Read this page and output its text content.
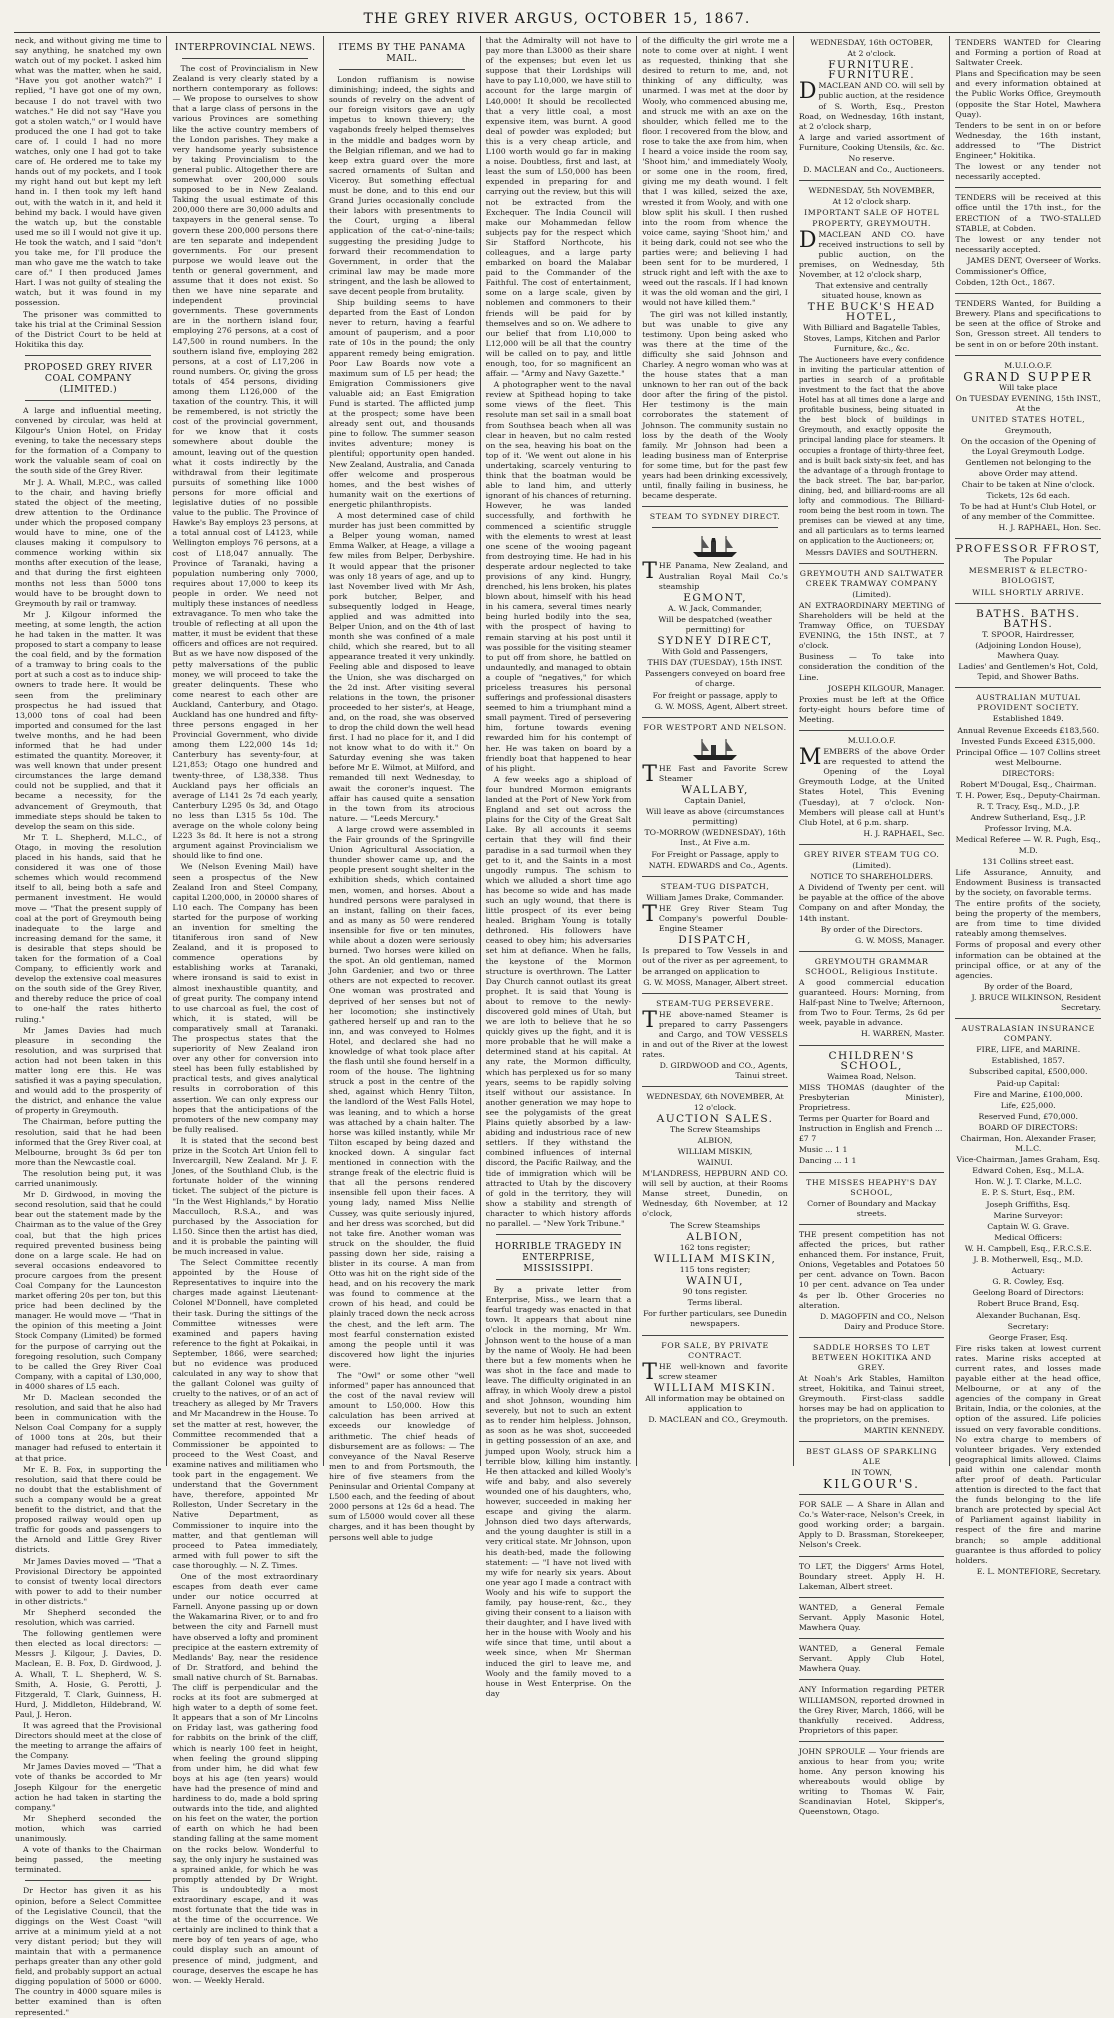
THE GREY RIVER ARGUS, OCTOBER 15, 1867.

neck, and without giving me time to say anything, he snatched my own watch out of my pocket. I asked him what was the matter, when he said, "Have you got another watch?" I replied, "I have got one of my own, because I do not travel with two watches." He did not say "Have you got a stolen watch," or I would have produced the one I had got to take care of. I could I had no more watches, only one I had got to take care of. He ordered me to take my hands out of my pockets, and I took my right hand out but kept my left hand in. I then took my left hand out, with the watch in it, and held it behind my back. I would have given the watch up, but the constable used me so ill I would not give it up. He took the watch, and I said "don't you take me, for I'll produce the man who gave me the watch to take care of." I then produced James Hart. I was not guilty of stealing the watch, but it was found in my possession.

The prisoner was committed to take his trial at the Criminal Session of the District Court to be held at Hokitika this day.

PROPOSED GREY RIVER COAL COMPANY (LIMITED.)

A large and influential meeting, convened by circular, was held at Kilgour's Union Hotel, on Friday evening, to take the necessary steps for the formation of a Company to work the valuable seam of coal on the south side of the Grey River.

Mr J. A. Whall, M.P.C., was called to the chair, and having briefly stated the object of the meeting, drew attention to the Ordinance under which the proposed company would have to mine, one of the clauses making it compulsory to commence working within six months after execution of the lease, and that during the first eighteen months not less than 5000 tons would have to be brought down to Greymouth by rail or tramway.

Mr J. Kilgour informed the meeting, at some length, the action he had taken in the matter. It was proposed to start a company to lease the coal field, and by the formation of a tramway to bring coals to the port at such a cost as to induce ship-owners to trade here. It would be seen from the preliminary prospectus he had issued that 13,000 tons of coal had been imported and consumed for the last twelve months, and he had been informed that he had under estimated the quantity. Moreover, it was well known that under present circumstances the large demand could not be supplied, and that it became a necessity, for the advancement of Greymouth, that immediate steps should be taken to develop the seam on this side.

Mr T. L. Shepherd, M.L.C., of Otago, in moving the resolution placed in his hands, said that he considered it was one of those schemes which would recommend itself to all, being both a safe and permanent investment. He would move — "That the present supply of coal at the port of Greymouth being inadequate to the large and increasing demand for the same, it is desirable that steps should be taken for the formation of a Coal Company, to efficiently work and develop the extensive coal measures on the south side of the Grey River, and thereby reduce the price of coal to one-half the rates hitherto ruling."

Mr James Davies had much pleasure in seconding the resolution, and was surprised that action had not been taken in this matter long ere this. He was satisfied it was a paying speculation, and would add to the prosperity of the district, and enhance the value of property in Greymouth.

The Chairman, before putting the resolution, said that he had been informed that the Grey River coal, at Melbourne, brought 3s 6d per ton more than the Newcastle coal.

The resolution being put, it was carried unanimously.

Mr D. Girdwood, in moving the second resolution, said that he could bear out the statement made by the Chairman as to the value of the Grey coal, but that the high prices required prevented business being done on a large scale. He had on several occasions endeavored to procure cargoes from the present Coal Company for the Launceston market offering 20s per ton, but this price had been declined by the manager. He would move — "That in the opinion of this meeting a Joint Stock Company (Limited) be formed for the purpose of carrying out the foregoing resolution, such Company to be called the Grey River Coal Company, with a capital of L30,000, in 4000 shares of L5 each.

Mr D. Maclean seconded the resolution, and said that he also had been in communication with the Nelson Coal Company for a supply of 1000 tons at 20s, but their manager had refused to entertain it at that price.

Mr E. B. Fox, in supporting the resolution, said that there could be no doubt that the establishment of such a company would be a great benefit to the district, and that the proposed railway would open up traffic for goods and passengers to the Arnold and Little Grey River districts.

Mr James Davies moved — "That a Provisional Directory be appointed to consist of twenty local directors with power to add to their number in other districts."

Mr Shepherd seconded the resolution, which was carried.

The following gentlemen were then elected as local directors: — Messrs J. Kilgour, J. Davies, D. Maclean, E. B. Fox, D. Girdwood, J. A. Whall, T. L. Shepherd, W. S. Smith, A. Hosie, G. Perotti, J. Fitzgerald, T. Clark, Guinness, H. Hurd, J. Middleton, Hildebrand, W. Paul, J. Heron.

It was agreed that the Provisional Directors should meet at the close of the meeting to arrange the affairs of the Company.

Mr James Davies moved — "That a vote of thanks be accorded to Mr Joseph Kilgour for the energetic action he had taken in starting the company."

Mr Shepherd seconded the motion, which was carried unanimously.

A vote of thanks to the Chairman being passed, the meeting terminated.

Dr Hector has given it as his opinion, before a Select Committee of the Legislative Council, that the diggings on the West Coast "will arrive at a minimum yield at a not very distant period; but they will maintain that with a permanence perhaps greater than any other gold field, and probably support an actual digging population of 5000 or 6000. The country in 4000 square miles is better examined than is often represented."

INTERPROVINCIAL NEWS.

The cost of Provincialism in New Zealand is very clearly stated by a northern contemporary as follows: — We propose to ourselves to show that a large class of persons in the various Provinces are something like the active country members of the London parishes. They make a very handsome yearly subsistence by taking Provincialism to the general public. Altogether there are somewhat over 200,000 souls supposed to be in New Zealand. Taking the usual estimate of this 200,000 there are 30,000 adults and taxpayers in the general sense. To govern these 200,000 persons there are ten separate and independent governments. For our present purpose we would leave out the tenth or general government, and assume that it does not exist. So then we have nine separate and independent provincial governments. These governments are in the northern island four, employing 276 persons, at a cost of L47,500 in round numbers. In the southern island five, employing 282 persons, at a cost of L17,206 in round numbers. Or, giving the gross totals of 454 persons, dividing among them L126,000 of the taxation of the country. This, it will be remembered, is not strictly the cost of the provincial government, for we know that it costs somewhere about double the amount, leaving out of the question what it costs indirectly by the withdrawal from their legitimate pursuits of something like 1000 persons for more official and legislative duties of no possible value to the public. The Province of Hawke's Bay employs 23 persons, at a total annual cost of L4123, while Wellington employs 76 persons, at a cost of L18,047 annually. The Province of Taranaki, having a population numbering only 7000, requires about 17,000 to keep its people in order. We need not multiply these instances of needless extravagance. To men who take the trouble of reflecting at all upon the matter, it must be evident that these officers and offices are not required. But as we have now disposed of the petty malversations of the public money, we will proceed to take the greater delinquents. These who come nearest to each other are Auckland, Canterbury, and Otago. Auckland has one hundred and fifty-three persons engaged in her Provincial Government, who divide among them L22,000 14s 1d; Canterbury has seventy-four, at L21,853; Otago one hundred and twenty-three, of L38,338. Thus Auckland pays her officials an average of L141 2s 7d each yearly, Canterbury L295 0s 3d, and Otago no less than L315 5s 10d. The average on the whole colony being L223 3s 8d. It here is not a strong argument against Provincialism we should like to find one.

We (Nelson Evening Mail) have seen a prospectus of the New Zealand Iron and Steel Company, capital L200,000, in 20000 shares of L10 each. The Company has been started for the purpose of working an invention for smelting the titaniferous iron sand of New Zealand, and it is proposed to commence operations by establishing works at Taranaki, where ironsand is said to exist in almost inexhaustible quantity, and of great purity. The company intend to use charcoal as fuel, the cost of which, it is stated, will be comparatively small at Taranaki. The prospectus states that the superiority of New Zealand iron over any other for conversion into steel has been fully established by practical tests, and gives analytical results in corroboration of this assertion. We can only express our hopes that the anticipations of the promoters of the new company may be fully realised.

It is stated that the second best prize in the Scotch Art Union fell to Invercargill, New Zealand. Mr J. F. Jones, of the Southland Club, is the fortunate holder of the winning ticket. The subject of the picture is "In the West Highlands," by Horatio Macculloch, R.S.A., and was purchased by the Association for L150. Since then the artist has died, and it is probable the painting will be much increased in value.

The Select Committee recently appointed by the House of Representatives to inquire into the charges made against Lieutenant-Colonel M'Donnell, have completed their task. During the sittings of the Committee witnesses were examined and papers having reference to the fight at Pokaikai, in September, 1866, were searched; but no evidence was produced calculated in any way to show that the gallant Colonel was guilty of cruelty to the natives, or of an act of treachery as alleged by Mr Travers and Mr Macandrew in the House. To set the matter at rest, however, the Committee recommended that a Commissioner be appointed to proceed to the West Coast, and examine natives and militiamen who took part in the engagement. We understand that the Government have, therefore, appointed Mr Rolleston, Under Secretary in the Native Department, as Commissioner to inquire into the matter, and that gentleman will proceed to Patea immediately, armed with full power to sift the case thoroughly. — N. Z. Times.

One of the most extraordinary escapes from death ever came under our notice occurred at Farnell. Anyone passing up or down the Wakamarina River, or to and fro between the city and Farnell must have observed a lofty and prominent precipice at the eastern extremity of Medlands' Bay, near the residence of Dr. Stratford, and behind the small native church of St. Barnabas. The cliff is perpendicular and the rocks at its foot are submerged at high water to a depth of some feet. It appears that a son of Mr Lincolns on Friday last, was gathering food for rabbits on the brink of the cliff, which is nearly 100 feet in height, when feeling the ground slipping from under him, he did what few boys at his age (ten years) would have had the presence of mind and hardiness to do, made a bold spring outwards into the tide, and alighted on his feet on the water, the portion of earth on which he had been standing falling at the same moment on the rocks below. Wonderful to say, the only injury he sustained was a sprained ankle, for which he was promptly attended by Dr Wright. This is undoubtedly a most extraordinary escape, and it was most fortunate that the tide was in at the time of the occurrence. We certainly are inclined to think that a mere boy of ten years of age, who could display such an amount of presence of mind, judgment, and courage, deserves the escape he has won. — Weekly Herald.

ITEMS BY THE PANAMA MAIL.

London ruffianism is nowise diminishing; indeed, the sights and sounds of revelry on the advent of our foreign visitors gave an ugly impetus to known thievery; the vagabonds freely helped themselves in the middle and badges worn by the Belgian rifleman, and we had to keep extra guard over the more sacred ornaments of Sultan and Viceroy. But something effectual must be done, and to this end our Grand Juries occasionally conclude their labors with presentments to the Court, urging a liberal application of the cat-o'-nine-tails; suggesting the presiding Judge to forward their recommendation to Government, in order that the criminal law may be made more stringent, and the lash be allowed to save decent people from brutality.

Ship building seems to have departed from the East of London never to return, having a fearful amount of pauperism, and a poor rate of 10s in the pound; the only apparent remedy being emigration. Poor Law Boards now vote a maximum sum of L5 per head; the Emigration Commissioners give valuable aid; an East Emigration Fund is started. The afflicted jump at the prospect; some have been already sent out, and thousands pine to follow. The summer season invites adventure; money is plentiful; opportunity open handed. New Zealand, Australia, and Canada offer welcome and prosperous homes, and the best wishes of humanity wait on the exertions of energetic philanthropists.

A most determined case of child murder has just been committed by a Belper young woman, named Emma Walker, at Heage, a village a few miles from Belper, Derbyshire. It would appear that the prisoner was only 18 years of age, and up to last November lived with Mr Ash, pork butcher, Belper, and subsequently lodged in Heage, applied and was admitted into Belper Union, and on the 4th of last month she was confined of a male child, which she reared, but to all appearance treated it very unkindly. Feeling able and disposed to leave the Union, she was discharged on the 2d inst. After visiting several relations in the town, the prisoner proceeded to her sister's, at Heage, and, on the road, she was observed to drop the child down the well head first. I had no place for it, and I did not know what to do with it." On Saturday evening she was taken before Mr E. Wilmot, at Milford, and remanded till next Wednesday, to await the coroner's inquest. The affair has caused quite a sensation in the town from its atrocious nature. — "Leeds Mercury."

A large crowd were assembled in the Fair grounds of the Springville Union Agricultural Association, a thunder shower came up, and the people present sought shelter in the exhibition sheds, which contained men, women, and horses. About a hundred persons were paralysed in an instant, falling on their faces, and as many as 50 were rendered insensible for five or ten minutes, while about a dozen were seriously burned. Two horses were killed on the spot. An old gentleman, named John Gardenier, and two or three others are not expected to recover. One woman was prostrated and deprived of her senses but not of her locomotion; she instinctively gathered herself up and ran to the inn, and was conveyed to Holmes Hotel, and declared she had no knowledge of what took place after the flash until she found herself in a room of the house. The lightning struck a post in the centre of the shed, against which Henry Tilton, the landlord of the West Falls Hotel, was leaning, and to which a horse was attached by a chain halter. The horse was killed instantly, while Mr Tilton escaped by being dazed and knocked down. A singular fact mentioned in connection with the strange freak of the electric fluid is that all the persons rendered insensible fell upon their faces. A young lady, named Miss Nellie Cussey, was quite seriously injured, and her dress was scorched, but did not take fire. Another woman was struck on the shoulder, the fluid passing down her side, raising a blister in its course. A man from Otto was hit on the right side of the head, and on his recovery the mark was found to commence at the crown of his head, and could be plainly traced down the neck across the chest, and the left arm. The most fearful consternation existed among the people until it was discovered how light the injuries were.

The "Owl" or some other "well informed" paper has announced that the cost of the naval review will amount to L50,000. How this calculation has been arrived at exceeds our knowledge of arithmetic. The chief heads of disbursement are as follows: — The conveyance of the Naval Reserve men to and from Portsmouth, the hire of five steamers from the Peninsular and Oriental Company at L500 each, and the feeding of about 2000 persons at 12s 6d a head. The sum of L5000 would cover all these charges, and it has been thought by persons well able to judge

that the Admiralty will not have to pay more than L3000 as their share of the expenses; but even let us suppose that their Lordships will have to pay L10,000, we have still to account for the large margin of L40,000! It should be recollected that a very little coal, a most expensive item, was burnt. A good deal of powder was exploded; but this is a very cheap article, and L100 worth would go far in making a noise. Doubtless, first and last, at least the sum of L50,000 has been expended in preparing for and carrying out the review, but this will not be extracted from the Exchequer. The India Council will make our Mohammedan fellow subjects pay for the respect which Sir Stafford Northcote, his colleagues, and a large party embarked on board the Malabar paid to the Commander of the Faithful. The cost of entertainment, some on a large scale, given by noblemen and commoners to their friends will be paid for by themselves and so on. We adhere to our belief that from L10,000 to L12,000 will be all that the country will be called on to pay, and little enough, too, for so magnificent an affair. — "Army and Navy Gazette."

A photographer went to the naval review at Spithead hoping to take some views of the fleet. This resolute man set sail in a small boat from Southsea beach when all was clear in heaven, but no calm rested on the sea, heaving his boat on the top of it. 'We went out alone in his undertaking, scarcely venturing to think that the boatman would be able to land him, and utterly ignorant of his chances of returning. However, he was landed successfully, and forthwith he commenced a scientific struggle with the elements to wrest at least one scene of the wooing pageant from destroying time. He had in his desperate ardour neglected to take provisions of any kind. Hungry, drenched, his lens broken, his plates blown about, himself with his head in his camera, several times nearly being hurled bodily into the sea, with the prospect of having to remain starving at his post until it was possible for the visiting steamer to put off from shore, he battled on undauntedly, and managed to obtain a couple of "negatives," for which priceless treasures his personal sufferings and professional disasters seemed to him a triumphant mind a small payment. Tired of persevering him, fortune towards evening rewarded him for his contempt of her. He was taken on board by a friendly boat that happened to hear of his plight.

A few weeks ago a shipload of four hundred Mormon emigrants landed at the Port of New York from England and set out across the plains for the City of the Great Salt Lake. By all accounts it seems certain that they will find their paradise in a sad turmoil when they get to it, and the Saints in a most ungodly rumpus. The schism to which we alluded a short time ago has become so wide and has made such an ugly wound, that there is little prospect of its ever being healed. Brigham Young is totally dethroned. His followers have ceased to obey him; his adversaries set him at defiance. When he falls, the keystone of the Mormon structure is overthrown. The Latter Day Church cannot outlast its great prophet. It is said that Young is about to remove to the newly-discovered gold mines of Utah, but we are loth to believe that he so quickly gives up the fight, and it is more probable that he will make a determined stand at his capital. At any rate, the Mormon difficulty, which has perplexed us for so many years, seems to be rapidly solving itself without our assistance. In another generation we may hope to see the polygamists of the great Plains quietly absorbed by a law-abiding and industrious race of new settlers. If they withstand the combined influences of internal discord, the Pacific Railway, and the tide of immigration which will be attracted to Utah by the discovery of gold in the territory, they will show a stability and strength of character to which history affords no parallel. — "New York Tribune."

HORRIBLE TRAGEDY IN ENTERPRISE, MISSISSIPPI.

By a private letter from Enterprise, Miss., we learn that a fearful tragedy was enacted in that town. It appears that about nine o'clock in the morning, Mr Wm. Johnson went to the house of a man by the name of Wooly. He had been there but a few moments when he was shot in the face and made to leave. The difficulty originated in an affray, in which Wooly drew a pistol and shot Johnson, wounding him severely, but not to such an extent as to render him helpless. Johnson, as soon as he was shot, succeeded in getting possession of an axe, and jumped upon Wooly, struck him a terrible blow, killing him instantly. He then attacked and killed Wooly's wife and baby, and also severely wounded one of his daughters, who, however, succeeded in making her escape and giving the alarm. Johnson died two days afterwards, and the young daughter is still in a very critical state. Mr Johnson, upon his death-bed, made the following statement: — "I have not lived with my wife for nearly six years. About one year ago I made a contract with Wooly and his wife to support the family, pay house-rent, &c., they giving their consent to a liaison with their daughter, and I have lived with her in the house with Wooly and his wife since that time, until about a week since, when Mr Sherman induced the girl to leave me, and Wooly and the family moved to a house in West Enterprise. On the day

of the difficulty the girl wrote me a note to come over at night. I went as requested, thinking that she desired to return to me, and, not thinking of any difficulty, was unarmed. I was met at the door by Wooly, who commenced abusing me, and struck me with an axe on the shoulder, which felled me to the floor. I recovered from the blow, and rose to take the axe from him, when I heard a voice inside the room say, 'Shoot him,' and immediately Wooly, or some one in the room, fired, giving me my death wound. I felt that I was killed, seized the axe, wrested it from Wooly, and with one blow split his skull. I then rushed into the room from whence the voice came, saying 'Shoot him,' and it being dark, could not see who the parties were; and believing I had been sent for to be murdered, I struck right and left with the axe to weed out the rascals. If I had known it was the old woman and the girl, I would not have killed them."

The girl was not killed instantly, but was unable to give any testimony. Upon being asked who was there at the time of the difficulty she said Johnson and Charley. A negro woman who was at the house states that a man unknown to her ran out of the back door after the firing of the pistol. Her testimony is the main corroborates the statement of Johnson. The community sustain no loss by the death of the Wooly family. Mr Johnson had been a leading business man of Enterprise for some time, but for the past few years had been drinking excessively, until, finally failing in business, he became desperate.

STEAM TO SYDNEY DIRECT.

THE Panama, New Zealand, and Australian Royal Mail Co.'s steamship

EGMONT,

A. W. Jack, Commander,

Will be despatched (weather permitting) for

SYDNEY DIRECT,

With Gold and Passengers,

THIS DAY (TUESDAY), 15th INST.

Passengers conveyed on board free of charge.

For freight or passage, apply to

G. W. MOSS, Agent, Albert street.

FOR WESTPORT AND NELSON.

THE Fast and Favorite Screw Steamer

WALLABY,

Captain Daniel,

Will leave as above (circumstances permitting)

TO-MORROW (WEDNESDAY), 16th Inst., At Five a.m.

For Freight or Passage, apply to

NATH. EDWARDS and Co., Agents.

STEAM-TUG DISPATCH,

William James Drake, Commander.

THE Grey River Steam Tug Company's powerful Double-Engine Steamer

DISPATCH,

Is prepared to Tow Vessels in and out of the river as per agreement, to be arranged on application to

G. W. MOSS, Manager, Albert street.

STEAM-TUG PERSEVERE.

THE above-named Steamer is prepared to carry Passengers and Cargo, and TOW VESSELS in and out of the River at the lowest rates.

D. GIRDWOOD and CO., Agents, Tainui street.

WEDNESDAY, 6th NOVEMBER, At 12 o'clock.

AUCTION SALES.

The Screw Steamships

ALBION,

WILLIAM MISKIN,

WAINUI.

M'LANDRESS, HEPBURN AND CO. will sell by auction, at their Rooms Manse street, Dunedin, on Wednesday, 6th November, at 12 o'clock,

The Screw Steamships

ALBION,

162 tons register;

WILLIAM MISKIN,

115 tons register;

WAINUI,

90 tons register.

Terms liberal.

For further particulars, see Dunedin newspapers.

FOR SALE, BY PRIVATE CONTRACT.

THE well-known and favorite screw steamer

WILLIAM MISKIN.

All information may be obtained on application to

D. MACLEAN and CO., Greymouth.

WEDNESDAY, 16th OCTOBER,

At 2 o'clock.

FURNITURE. FURNITURE.

DMACLEAN AND CO. will sell by public auction, at the residence of S. Worth, Esq., Preston Road, on Wednesday, 16th instant, at 2 o'clock sharp,

A large and varied assortment of Furniture, Cooking Utensils, &c. &c.

No reserve.

D. MACLEAN and Co., Auctioneers.

WEDNESDAY, 5th NOVEMBER,

At 12 o'clock sharp.

IMPORTANT SALE OF HOTEL PROPERTY, GREYMOUTH.

DMACLEAN AND CO. have received instructions to sell by public auction, on the premises, on Wednesday, 5th November, at 12 o'clock sharp,

That extensive and centrally situated house, known as

THE BUCK'S HEAD HOTEL,

With Billiard and Bagatelle Tables, Stoves, Lamps, Kitchen and Parlor Furniture, &c., &c.

The Auctioneers have every confidence in inviting the particular attention of parties in search of a profitable investment to the fact that the above Hotel has at all times done a large and profitable business, being situated in the best block of buildings in Greymouth, and exactly opposite the principal landing place for steamers. It occupies a frontage of thirty-three feet, and is built back sixty-six feet, and has the advantage of a through frontage to the back street. The bar, bar-parlor, dining, bed, and billiard-rooms are all lofty and commodious. The Billiard-room being the best room in town. The premises can be viewed at any time, and all particulars as to terms learned on application to the Auctioneers; or,

Messrs DAVIES and SOUTHERN.

GREYMOUTH AND SALTWATER CREEK TRAMWAY COMPANY

(Limited).

AN EXTRAORDINARY MEETING of Shareholders will be held at the Tramway Office, on TUESDAY EVENING, the 15th INST., at 7 o'clock.

Business — To take into consideration the condition of the Line.

JOSEPH KILGOUR, Manager.

Proxies must be left at the Office forty-eight hours before time of Meeting.

M.U.I.O.O.F.

MEMBERS of the above Order are requested to attend the Opening of the Loyal Greymouth Lodge, at the United States Hotel, This Evening (Tuesday), at 7 o'clock. Non-Members will please call at Hunt's Club Hotel, at 6 p.m. sharp.

H. J. RAPHAEL, Sec.

GREY RIVER STEAM TUG CO.

(Limited).

NOTICE TO SHAREHOLDERS.

A Dividend of Twenty per cent. will be payable at the office of the above Company on and after Monday, the 14th instant.

By order of the Directors.

G. W. MOSS, Manager.

GREYMOUTH GRAMMAR SCHOOL, Religious Institute.

A good commercial education guaranteed. Hours: Morning, from Half-past Nine to Twelve; Afternoon, from Two to Four. Terms, 2s 6d per week, payable in advance.

H. WARREN, Master.

CHILDREN'S SCHOOL,

Waimea Road, Nelson.

MISS THOMAS (daughter of the Presbyterian Minister), Proprietress.

Terms per Quarter for Board and Instruction in English and French ... £7 7

Music ... 1 1

Dancing ... 1 1

THE MISSES HEAPHY'S DAY SCHOOL,

Corner of Boundary and Mackay streets.

THE present competition has not affected the prices, but rather enhanced them. For instance, Fruit, Onions, Vegetables and Potatoes 50 per cent. advance on Town. Bacon 10 per cent. advance on Tea under 4s per lb. Other Groceries no alteration.

D. MAGOFFIN and CO., Nelson Dairy and Produce Store.

SADDLE HORSES TO LET BETWEEN HOKITIKA AND GREY.

At Noah's Ark Stables, Hamilton street, Hokitika, and Tainui street, Greymouth. First-class saddle horses may be had on application to the proprietors, on the premises.

MARTIN KENNEDY.

BEST GLASS OF SPARKLING ALE

IN TOWN,

KILGOUR'S.

FOR SALE — A Share in Allan and Co.'s Water-race, Nelson's Creek, in good working order; a bargain. Apply to D. Brassman, Storekeeper, Nelson's Creek.

TO LET, the Diggers' Arms Hotel, Boundary street. Apply H. H. Lakeman, Albert street.

WANTED, a General Female Servant. Apply Masonic Hotel, Mawhera Quay.

WANTED, a General Female Servant. Apply Club Hotel, Mawhera Quay.

ANY Information regarding PETER WILLIAMSON, reported drowned in the Grey River, March, 1866, will be thankfully received. Address, Proprietors of this paper.

JOHN SPROULE — Your friends are anxious to hear from you; write home. Any person knowing his whereabouts would oblige by writing to Thomas W. Fair, Scandinavian Hotel, Skipper's, Queenstown, Otago.

TENDERS WANTED for Clearing and Forming a portion of Road at Saltwater Creek.

Plans and Specification may be seen and every information obtained at the Public Works Office, Greymouth (opposite the Star Hotel, Mawhera Quay).

Tenders to be sent in on or before Wednesday, the 16th instant, addressed to "The District Engineer," Hokitika.

The lowest or any tender not necessarily accepted.

TENDERS will be received at this office until the 17th inst., for the ERECTION of a TWO-STALLED STABLE, at Cobden.

The lowest or any tender not necessarily accepted.

JAMES DENT, Overseer of Works.

Commissioner's Office,

Cobden, 12th Oct., 1867.

TENDERS Wanted, for Building a Brewery. Plans and specifications to be seen at the office of Stroke and Son, Gresson street. All tenders to be sent in on or before 20th instant.

M.U.I.O.O.F.

GRAND SUPPER

Will take place

On TUESDAY EVENING, 15th INST., At the

UNITED STATES HOTEL,

Greymouth,

On the occasion of the Opening of the Loyal Greymouth Lodge.

Gentlemen not belonging to the above Order may attend.

Chair to be taken at Nine o'clock.

Tickets, 12s 6d each.

To be had at Hunt's Club Hotel, or of any member of the Committee.

H. J. RAPHAEL, Hon. Sec.

PROFESSOR FFROST,

The Popular

MESMERIST & ELECTRO-BIOLOGIST,

WILL SHORTLY ARRIVE.

BATHS. BATHS. BATHS.

T. SPOOR, Hairdresser,

(Adjoining London House), Mawhera Quay.

Ladies' and Gentlemen's Hot, Cold, Tepid, and Shower Baths.

AUSTRALIAN MUTUAL PROVIDENT SOCIETY.

Established 1849.

Annual Revenue Exceeds £183,560.

Invested Funds Exceed £315,000.

Principal Office — 107 Collins street west Melbourne.

DIRECTORS:

Robert M'Dougal, Esq., Chairman.

T. H. Power, Esq., Deputy-Chairman.

R. T. Tracy, Esq., M.D., J.P.

Andrew Sutherland, Esq., J.P.

Professor Irving, M.A.

Medical Referee — W. R. Pugh, Esq., M.D.

131 Collins street east.

Life Assurance, Annuity, and Endowment Business is transacted by the society, on favorable terms.

The entire profits of the society, being the property of the members, are from time to time divided rateably among themselves.

Forms of proposal and every other information can be obtained at the principal office, or at any of the agencies.

By order of the Board,

J. BRUCE WILKINSON, Resident Secretary.

AUSTRALASIAN INSURANCE COMPANY.

FIRE, LIFE, and MARINE.

Established, 1857.

Subscribed capital, £500,000.

Paid-up Capital:

Fire and Marine, £100,000.

Life, £25,000.

Reserved Fund, £70,000.

BOARD OF DIRECTORS:

Chairman, Hon. Alexander Fraser, M.L.C.

Vice-Chairman, James Graham, Esq.

Edward Cohen, Esq., M.L.A.

Hon. W. J. T. Clarke, M.L.C.

E. P. S. Sturt, Esq., P.M.

Joseph Griffiths, Esq.

Marine Surveyor:

Captain W. G. Grave.

Medical Officers:

W. H. Campbell, Esq., F.R.C.S.E.

J. B. Motherwell, Esq., M.D.

Actuary:

G. R. Cowley, Esq.

Geelong Board of Directors:

Robert Bruce Brand, Esq.

Alexander Buchanan, Esq.

Secretary:

George Fraser, Esq.

Fire risks taken at lowest current rates. Marine risks accepted at current rates, and losses made payable either at the head office, Melbourne, or at any of the agencies of the company in Great Britain, India, or the colonies, at the option of the assured. Life policies issued on very favorable conditions. No extra charge to members of volunteer brigades. Very extended geographical limits allowed. Claims paid within one calendar month after proof of death. Particular attention is directed to the fact that the funds belonging to the life branch are protected by special Act of Parliament against liability in respect of the fire and marine branch; so ample additional guarantee is thus afforded to policy holders.

E. L. MONTEFIORE, Secretary.
